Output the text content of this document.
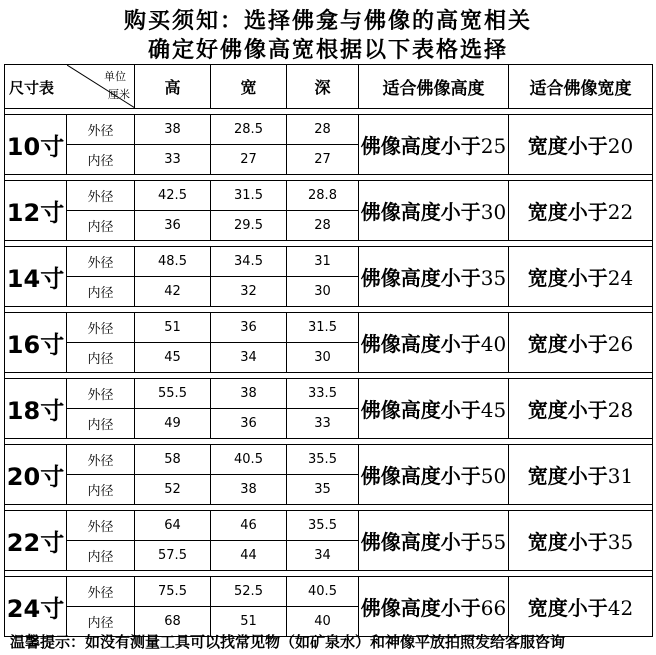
购买须知：选择佛龛与佛像的高宽相关
确定好佛像高宽根据以下表格选择
尺寸表
单位
厘米		高	宽	深	适合佛像高度	适合佛像宽度

10寸	外径	38	28.5	28	佛像高度小于25	宽度小于20
	内径	33	27	27		

12寸	外径	42.5	31.5	28.8	佛像高度小于30	宽度小于22
	内径	36	29.5	28		

14寸	外径	48.5	34.5	31	佛像高度小于35	宽度小于24
	内径	42	32	30		

16寸	外径	51	36	31.5	佛像高度小于40	宽度小于26
	内径	45	34	30		

18寸	外径	55.5	38	33.5	佛像高度小于45	宽度小于28
	内径	49	36	33		

20寸	外径	58	40.5	35.5	佛像高度小于50	宽度小于31
	内径	52	38	35		

22寸	外径	64	46	35.5	佛像高度小于55	宽度小于35
	内径	57.5	44	34		

24寸	外径	75.5	52.5	40.5	佛像高度小于66	宽度小于42
	内径	68	51	40		
温馨提示：如没有测量工具可以找常见物（如矿泉水）和神像平放拍照发给客服咨询
